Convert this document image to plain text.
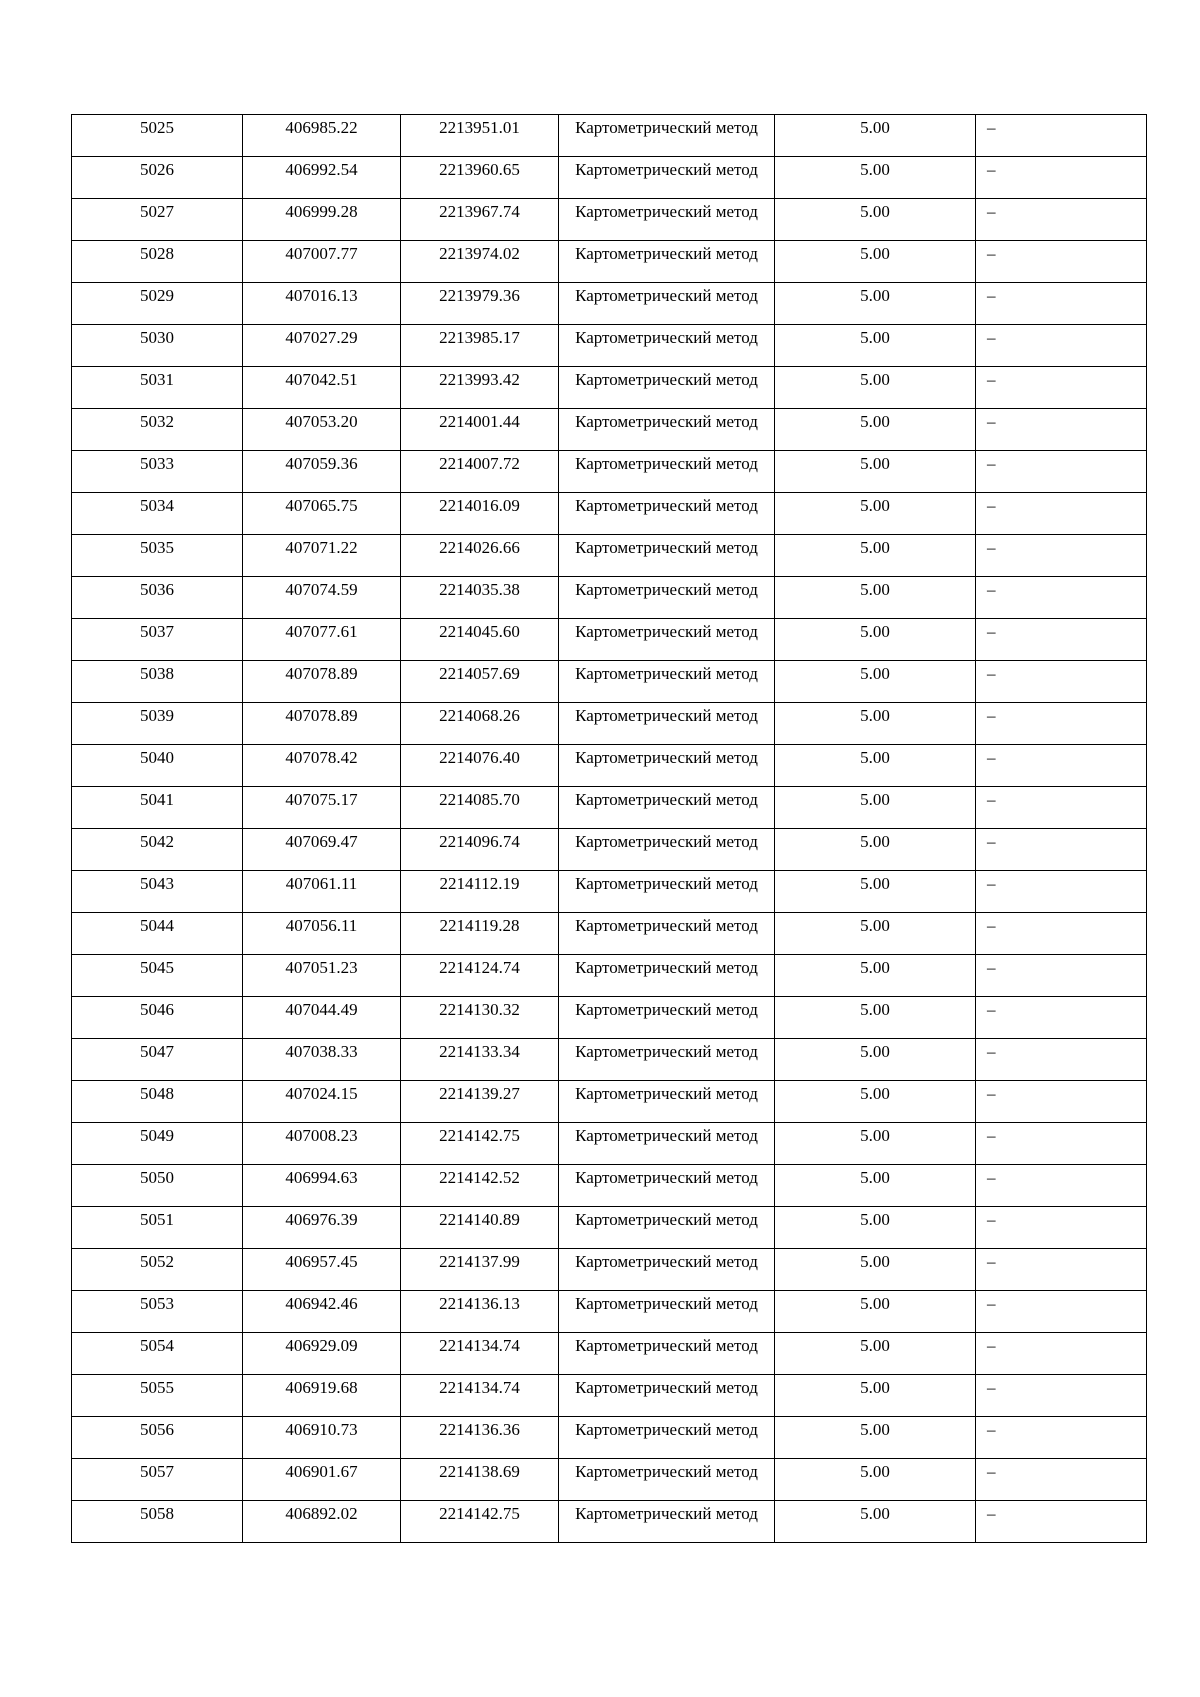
5025	406985.22	2213951.01	Картометрический метод	5.00	–

5026	406992.54	2213960.65	Картометрический метод	5.00	–

5027	406999.28	2213967.74	Картометрический метод	5.00	–

5028	407007.77	2213974.02	Картометрический метод	5.00	–

5029	407016.13	2213979.36	Картометрический метод	5.00	–

5030	407027.29	2213985.17	Картометрический метод	5.00	–

5031	407042.51	2213993.42	Картометрический метод	5.00	–

5032	407053.20	2214001.44	Картометрический метод	5.00	–

5033	407059.36	2214007.72	Картометрический метод	5.00	–

5034	407065.75	2214016.09	Картометрический метод	5.00	–

5035	407071.22	2214026.66	Картометрический метод	5.00	–

5036	407074.59	2214035.38	Картометрический метод	5.00	–

5037	407077.61	2214045.60	Картометрический метод	5.00	–

5038	407078.89	2214057.69	Картометрический метод	5.00	–

5039	407078.89	2214068.26	Картометрический метод	5.00	–

5040	407078.42	2214076.40	Картометрический метод	5.00	–

5041	407075.17	2214085.70	Картометрический метод	5.00	–

5042	407069.47	2214096.74	Картометрический метод	5.00	–

5043	407061.11	2214112.19	Картометрический метод	5.00	–

5044	407056.11	2214119.28	Картометрический метод	5.00	–

5045	407051.23	2214124.74	Картометрический метод	5.00	–

5046	407044.49	2214130.32	Картометрический метод	5.00	–

5047	407038.33	2214133.34	Картометрический метод	5.00	–

5048	407024.15	2214139.27	Картометрический метод	5.00	–

5049	407008.23	2214142.75	Картометрический метод	5.00	–

5050	406994.63	2214142.52	Картометрический метод	5.00	–

5051	406976.39	2214140.89	Картометрический метод	5.00	–

5052	406957.45	2214137.99	Картометрический метод	5.00	–

5053	406942.46	2214136.13	Картометрический метод	5.00	–

5054	406929.09	2214134.74	Картометрический метод	5.00	–

5055	406919.68	2214134.74	Картометрический метод	5.00	–

5056	406910.73	2214136.36	Картометрический метод	5.00	–

5057	406901.67	2214138.69	Картометрический метод	5.00	–

5058	406892.02	2214142.75	Картометрический метод	5.00	–
